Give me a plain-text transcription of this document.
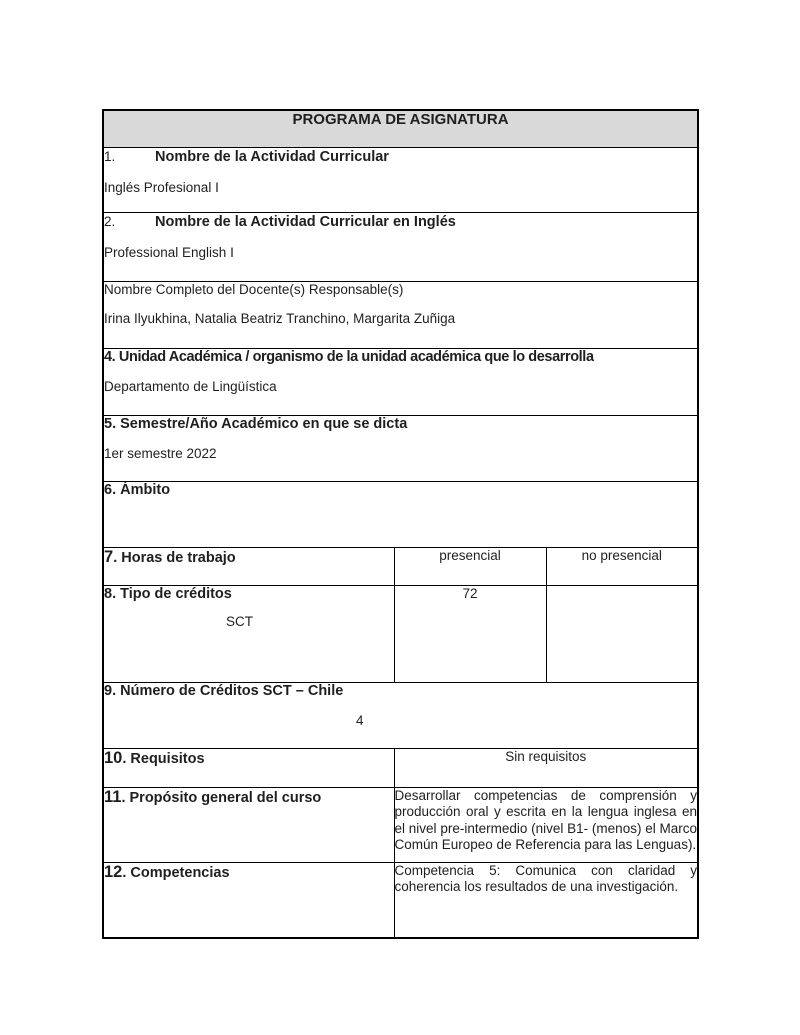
PROGRAMA DE ASIGNATURA		

1. Nombre de la Actividad Curricular
Inglés Profesional I		

2. Nombre de la Actividad Curricular en Inglés
Professional English I		

Nombre Completo del Docente(s) Responsable(s)
Irina Ilyukhina, Natalia Beatriz Tranchino, Margarita Zuñiga		

4. Unidad Académica / organismo de la unidad académica que lo desarrolla
Departamento de Lingüística		

5. Semestre/Año Académico en que se dicta
1er semestre 2022		

6. Ámbito		

7. Horas de trabajo	presencial	no presencial

8. Tipo de créditos
SCT	72	

9. Número de Créditos SCT – Chile
4		

10. Requisitos	Sin requisitos	
11. Propósito general del curso	Desarrollar competencias de comprensión y producción oral y escrita en la lengua inglesa en el nivel pre-intermedio (nivel B1- (menos) el Marco Común Europeo de Referencia para las Lenguas).	
12. Competencias	Competencia 5: Comunica con claridad y coherencia los resultados de una investigación.	
